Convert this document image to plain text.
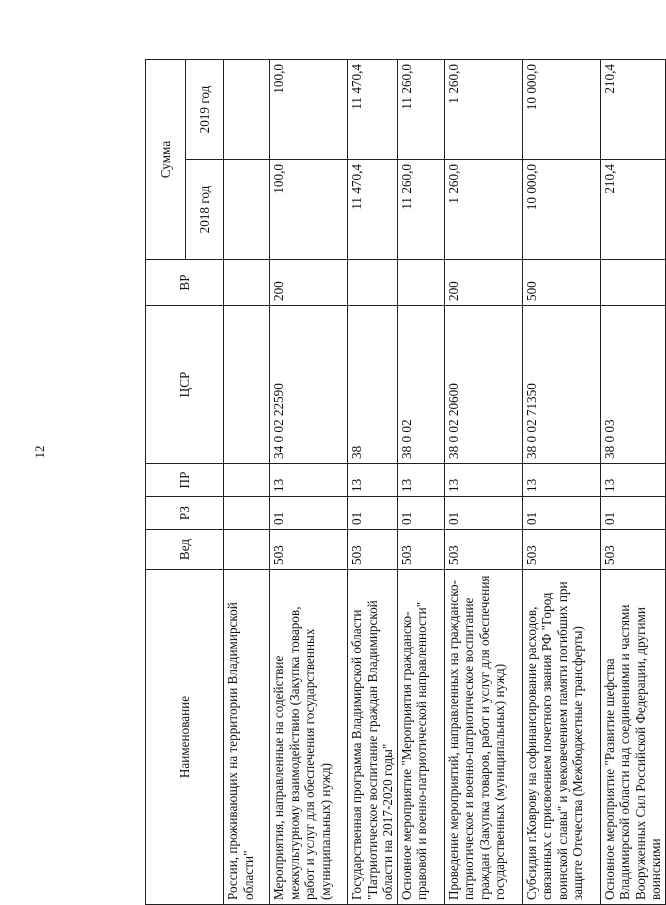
12
Наименование	Вед	РЗ	ПР	ЦСР	ВР	Сумма	
						2018 год	2019 год
России, проживающих на территории Владимирской области"							
Мероприятия, направленные на содействие межкультурному взаимодействию (Закупка товаров, работ и услуг для обеспечения государственных (муниципальных) нужд)	503	01	13	34 0 02 22590	200	100,0	100,0
Государственная программа Владимирской области "Патриотическое воспитание граждан Владимирской области на 2017-2020 годы"	503	01	13	38		11 470,4	11 470,4
Основное мероприятие "Мероприятия гражданско-правовой и военно-патриотической направленности"	503	01	13	38 0 02		11 260,0	11 260,0
Проведение мероприятий, направленных на гражданско-патриотическое и военно-патриотическое воспитание граждан (Закупка товаров, работ и услуг для обеспечения государственных (муниципальных) нужд)	503	01	13	38 0 02 20600	200	1 260,0	1 260,0
Субсидия г.Коврову на софинансирование расходов, связанных с присвоением почетного звания РФ "Город воинской славы" и увековечением памяти погибших при защите Отечества (Межбюджетные трансферты)	503	01	13	38 0 02 71350	500	10 000,0	10 000,0
Основное мероприятие "Развитие шефства Владимирской области над соединениями и частями Вооруженных Сил Российской Федерации, другими воинскими	503	01	13	38 0 03		210,4	210,4
